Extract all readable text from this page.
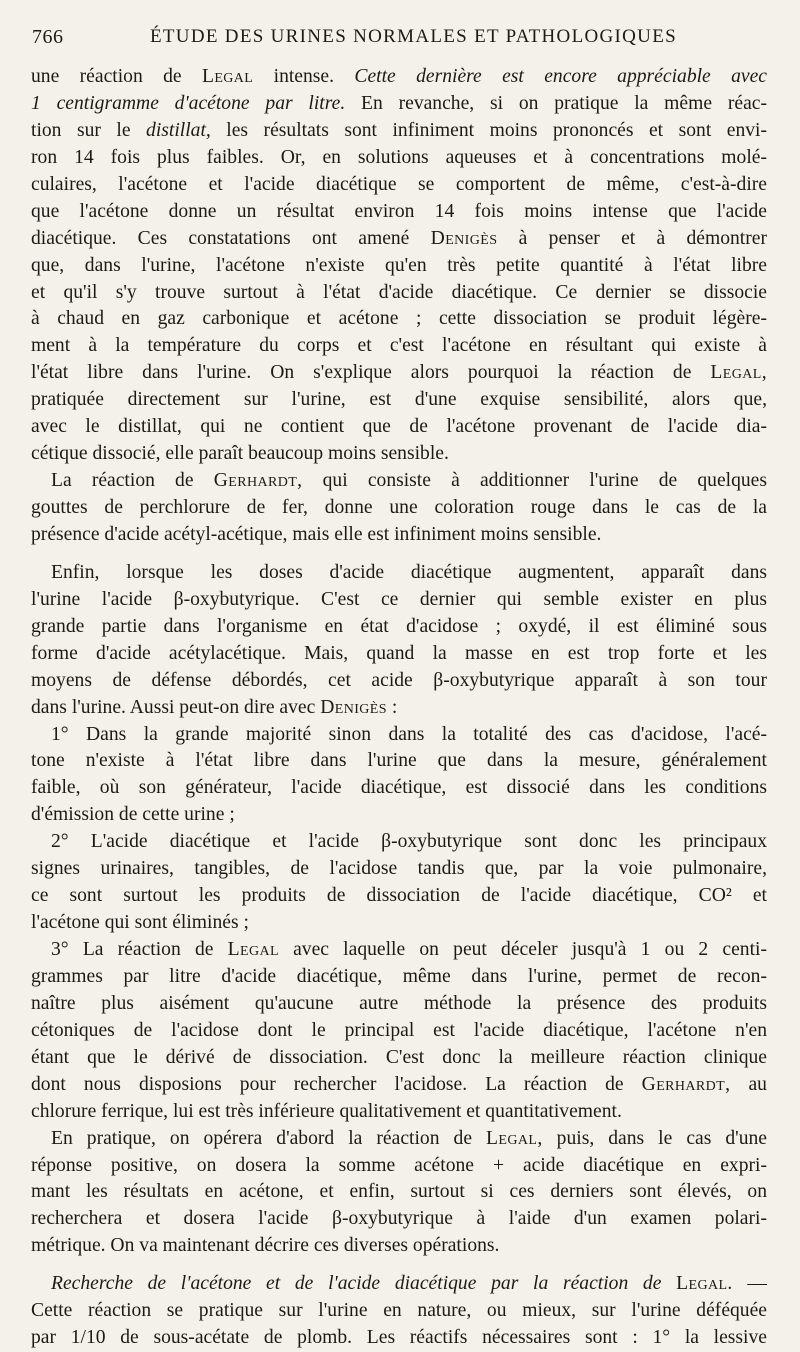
766	ÉTUDE DES URINES NORMALES ET PATHOLOGIQUES
une réaction de Legal intense. Cette dernière est encore appréciable avec
1 centigramme d'acétone par litre. En revanche, si on pratique la même réac-
tion sur le distillat, les résultats sont infiniment moins prononcés et sont envi-
ron 14 fois plus faibles. Or, en solutions aqueuses et à concentrations molé-
culaires, l'acétone et l'acide diacétique se comportent de même, c'est-à-dire
que l'acétone donne un résultat environ 14 fois moins intense que l'acide
diacétique. Ces constatations ont amené Denigès à penser et à démontrer
que, dans l'urine, l'acétone n'existe qu'en très petite quantité à l'état libre
et qu'il s'y trouve surtout à l'état d'acide diacétique. Ce dernier se dissocie
à chaud en gaz carbonique et acétone ; cette dissociation se produit légère-
ment à la température du corps et c'est l'acétone en résultant qui existe à
l'état libre dans l'urine. On s'explique alors pourquoi la réaction de Legal,
pratiquée directement sur l'urine, est d'une exquise sensibilité, alors que,
avec le distillat, qui ne contient que de l'acétone provenant de l'acide dia-
cétique dissocié, elle paraît beaucoup moins sensible.
La réaction de Gerhardt, qui consiste à additionner l'urine de quelques
gouttes de perchlorure de fer, donne une coloration rouge dans le cas de la
présence d'acide acétyl-acétique, mais elle est infiniment moins sensible.
Enfin, lorsque les doses d'acide diacétique augmentent, apparaît dans
l'urine l'acide β-oxybutyrique. C'est ce dernier qui semble exister en plus
grande partie dans l'organisme en état d'acidose ; oxydé, il est éliminé sous
forme d'acide acétylacétique. Mais, quand la masse en est trop forte et les
moyens de défense débordés, cet acide β-oxybutyrique apparaît à son tour
dans l'urine. Aussi peut-on dire avec Denigès :
1° Dans la grande majorité sinon dans la totalité des cas d'acidose, l'acé-
tone n'existe à l'état libre dans l'urine que dans la mesure, généralement
faible, où son générateur, l'acide diacétique, est dissocié dans les conditions
d'émission de cette urine ;
2° L'acide diacétique et l'acide β-oxybutyrique sont donc les principaux
signes urinaires, tangibles, de l'acidose tandis que, par la voie pulmonaire,
ce sont surtout les produits de dissociation de l'acide diacétique, CO² et
l'acétone qui sont éliminés ;
3° La réaction de Legal avec laquelle on peut déceler jusqu'à 1 ou 2 centi-
grammes par litre d'acide diacétique, même dans l'urine, permet de recon-
naître plus aisément qu'aucune autre méthode la présence des produits
cétoniques de l'acidose dont le principal est l'acide diacétique, l'acétone n'en
étant que le dérivé de dissociation. C'est donc la meilleure réaction clinique
dont nous disposions pour rechercher l'acidose. La réaction de Gerhardt, au
chlorure ferrique, lui est très inférieure qualitativement et quantitativement.
En pratique, on opérera d'abord la réaction de Legal, puis, dans le cas d'une
réponse positive, on dosera la somme acétone + acide diacétique en expri-
mant les résultats en acétone, et enfin, surtout si ces derniers sont élevés, on
recherchera et dosera l'acide β-oxybutyrique à l'aide d'un examen polari-
métrique. On va maintenant décrire ces diverses opérations.
Recherche de l'acétone et de l'acide diacétique par la réaction de Legal. —
Cette réaction se pratique sur l'urine en nature, ou mieux, sur l'urine déféquée
par 1/10 de sous-acétate de plomb. Les réactifs nécessaires sont : 1° la lessive
